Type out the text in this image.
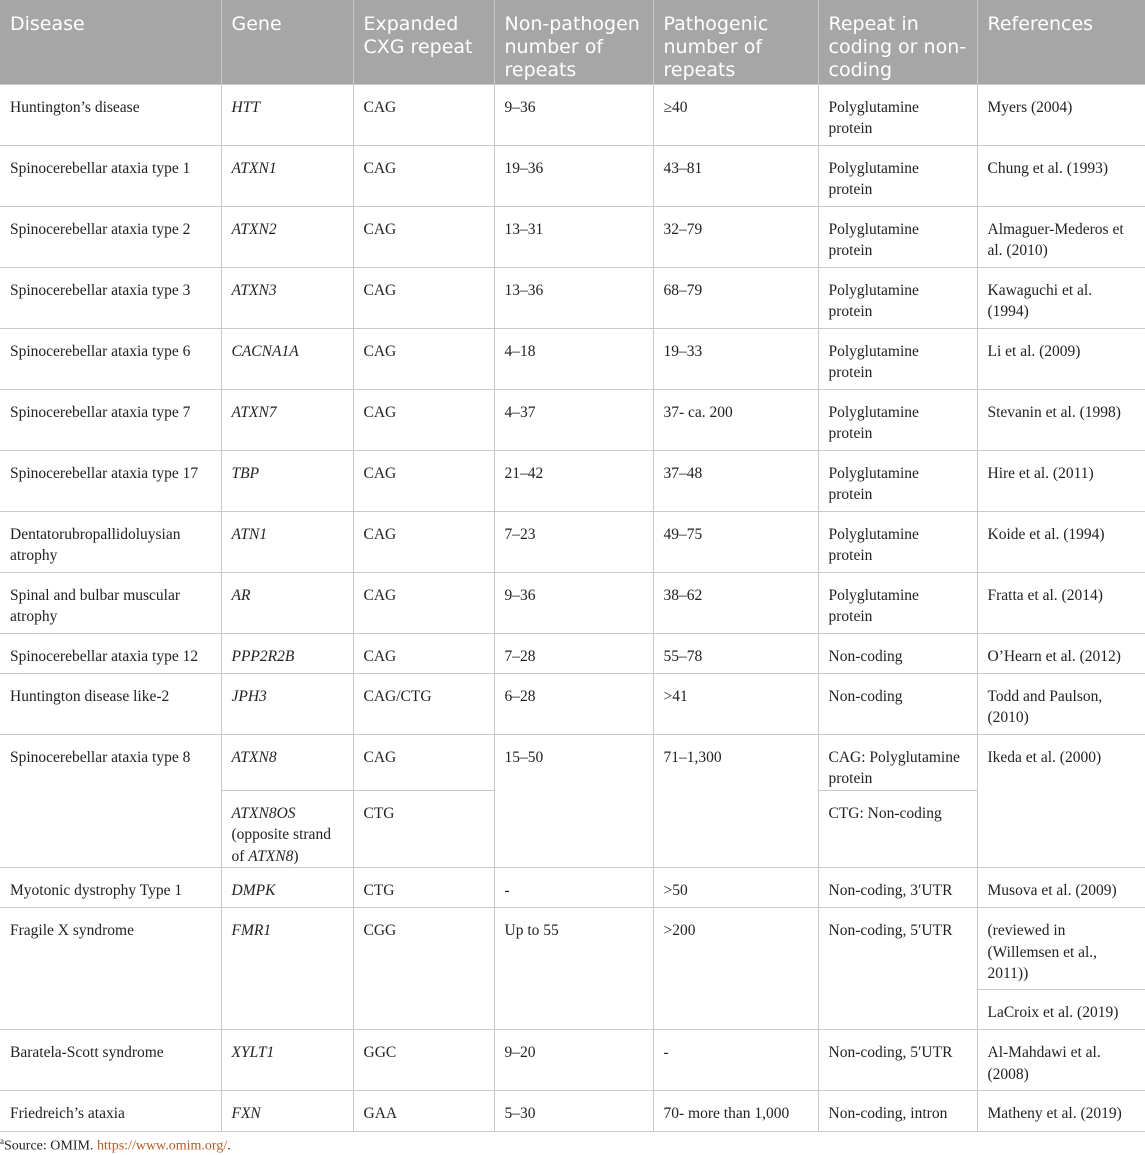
Disease	Gene	Expanded CXG repeat	Non-pathogen number of repeats	Pathogenic number of repeats	Repeat in coding or non-coding	References
Huntington’s disease	HTT	CAG	9–36	≥40	Polyglutamine protein	Myers (2004)
Spinocerebellar ataxia type 1	ATXN1	CAG	19–36	43–81	Polyglutamine protein	Chung et al. (1993)
Spinocerebellar ataxia type 2	ATXN2	CAG	13–31	32–79	Polyglutamine protein	Almaguer-Mederos et al. (2010)
Spinocerebellar ataxia type 3	ATXN3	CAG	13–36	68–79	Polyglutamine protein	Kawaguchi et al. (1994)
Spinocerebellar ataxia type 6	CACNA1A	CAG	4–18	19–33	Polyglutamine protein	Li et al. (2009)
Spinocerebellar ataxia type 7	ATXN7	CAG	4–37	37- ca. 200	Polyglutamine protein	Stevanin et al. (1998)
Spinocerebellar ataxia type 17	TBP	CAG	21–42	37–48	Polyglutamine protein	Hire et al. (2011)
Dentatorubropallidoluysian atrophy	ATN1	CAG	7–23	49–75	Polyglutamine protein	Koide et al. (1994)
Spinal and bulbar muscular atrophy	AR	CAG	9–36	38–62	Polyglutamine protein	Fratta et al. (2014)
Spinocerebellar ataxia type 12	PPP2R2B	CAG	7–28	55–78	Non-coding	O’Hearn et al. (2012)
Huntington disease like-2	JPH3	CAG/CTG	6–28	>41	Non-coding	Todd and Paulson, (2010)
Spinocerebellar ataxia type 8	ATXN8	CAG	15–50	71–1,300	CAG: Polyglutamine protein	Ikeda et al. (2000)
	ATXN8OS (opposite strand of ATXN8)	CTG			CTG: Non-coding	
Myotonic dystrophy Type 1	DMPK	CTG	-	>50	Non-coding, 3′UTR	Musova et al. (2009)
Fragile X syndrome	FMR1	CGG	Up to 55	>200	Non-coding, 5′UTR	(reviewed in (Willemsen et al., 2011))
						LaCroix et al. (2019)
Baratela-Scott syndrome	XYLT1	GGC	9–20	-	Non-coding, 5′UTR	Al-Mahdawi et al. (2008)
Friedreich’s ataxia	FXN	GAA	5–30	70- more than 1,000	Non-coding, intron	Matheny et al. (2019)
$^a$Source: OMIM. https://www.omim.org/.
